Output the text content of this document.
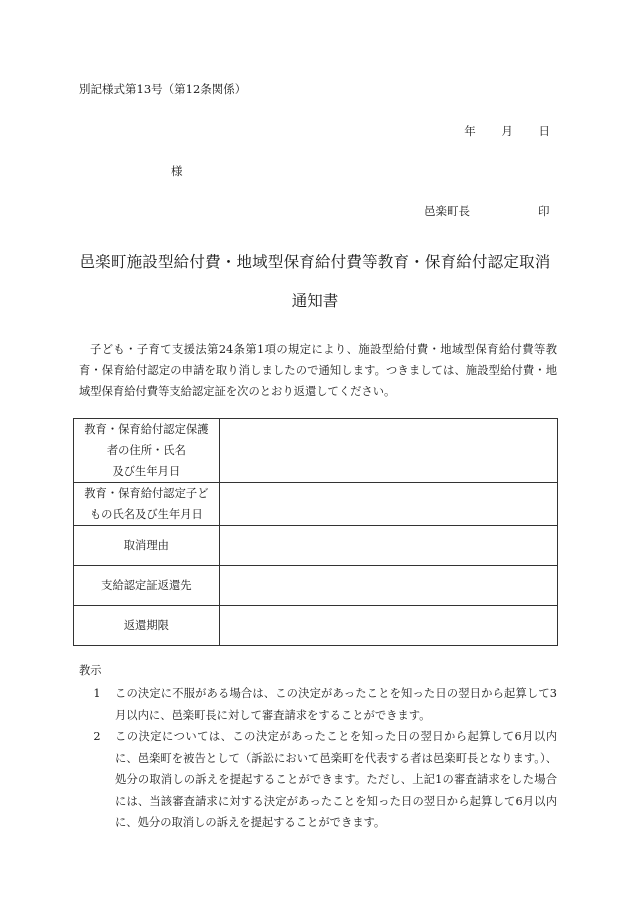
別記様式第13号（第12条関係）
年 月 日
様
邑楽町長	印
邑楽町施設型給付費・地域型保育給付費等教育・保育給付認定取消
通知書
子ども・子育て支援法第24条第1項の規定により、施設型給付費・地域型保育給付費等教育・保育給付認定の申請を取り消しましたので通知します。つきましては、施設型給付費・地域型保育給付費等支給認定証を次のとおり返還してください。
教育・保育給付認定保護
者の住所・氏名
及び生年月日	

教育・保育給付認定子ど
もの氏名及び生年月日	

取消理由	

支給認定証返還先	

返還期限	

教示
1	この決定に不服がある場合は、この決定があったことを知った日の翌日から起算して3月以内に、邑楽町長に対して審査請求をすることができます。
2	この決定については、この決定があったことを知った日の翌日から起算して6月以内に、邑楽町を被告として（訴訟において邑楽町を代表する者は邑楽町長となります。）、処分の取消しの訴えを提起することができます。ただし、上記1の審査請求をした場合には、当該審査請求に対する決定があったことを知った日の翌日から起算して6月以内に、処分の取消しの訴えを提起することができます。
